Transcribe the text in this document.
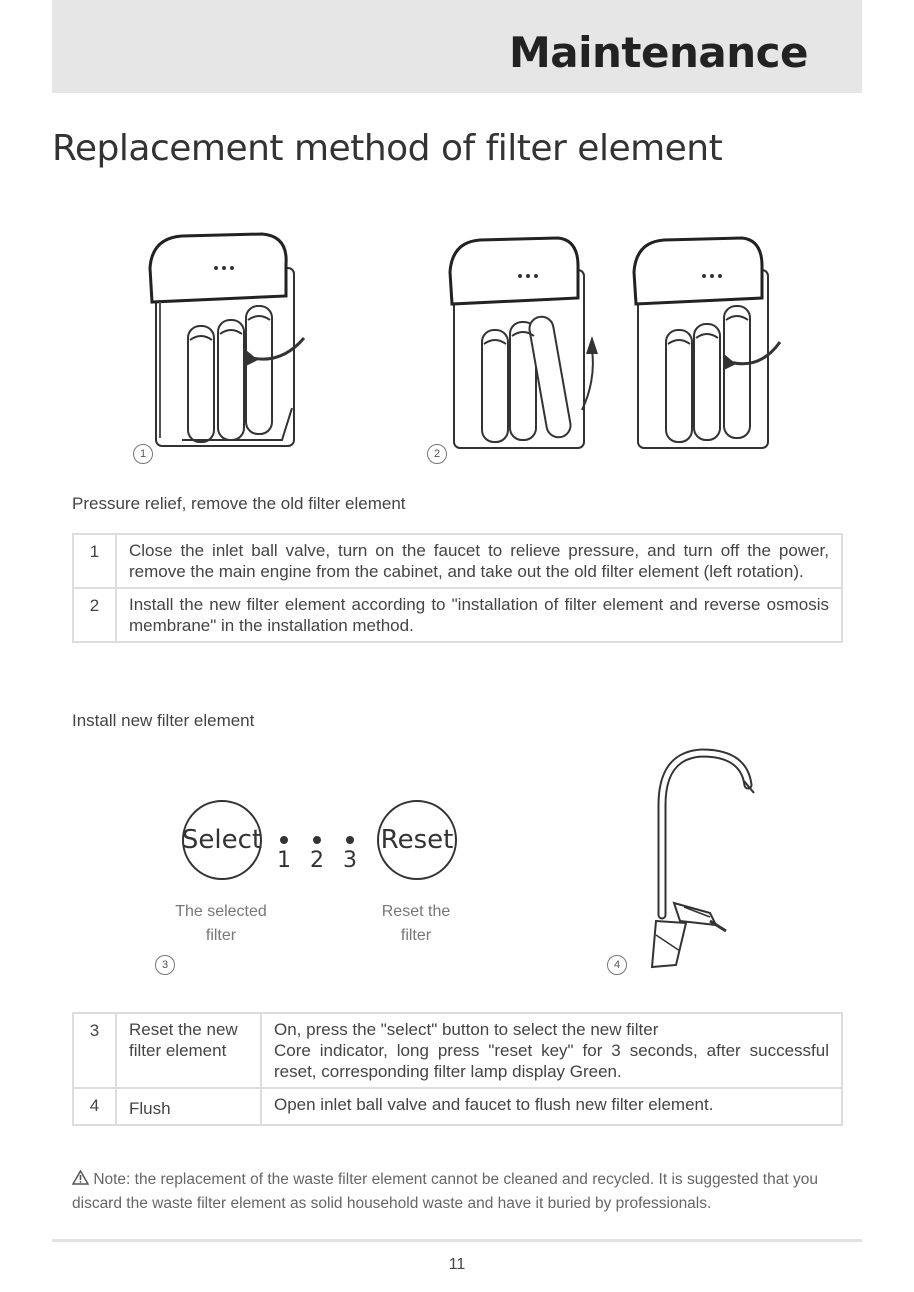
Maintenance
Replacement method of filter element
1	2
Pressure relief, remove the old filter element
1	Close the inlet ball valve, turn on the faucet to relieve pressure, and turn off the power, remove the main engine from the cabinet, and take out the old filter element (left rotation).
2	Install the new filter element according to "installation of filter element and reverse osmosis membrane" in the installation method.
Install new filter element
Select
1 2 3
Reset
The selected
filter
Reset the
filter
3	4
3	Reset the new filter element	On, press the "select" button to select the new filter
Core indicator, long press "reset key" for 3 seconds, after successful reset, corresponding filter lamp display Green.

4	Flush	Open inlet ball valve and faucet to flush new filter element.
Note: the replacement of the waste filter element cannot be cleaned and recycled. It is suggested that you discard the waste filter element as solid household waste and have it buried by professionals.
11
